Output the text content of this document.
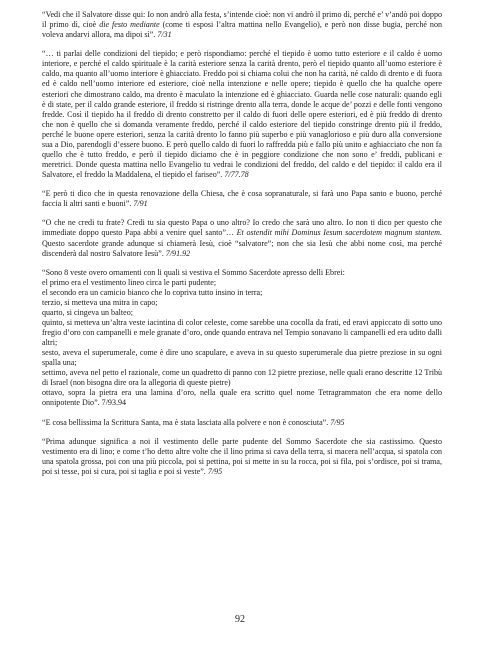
“Vedi che il Salvatore disse qui: Io non andrò alla festa, s’intende cioè: non vi andrò il primo dì, perché e’ v’andò poi doppo il primo dì, cioè die festo mediante (come ti esposi l’altra mattina nello Evangelio), e però non disse bugia, perché non voleva andarvi allora, ma dipoi sì”. 7/31

“… ti parlai delle condizioni del tiepido; e però rispondiamo: perché el tiepido è uomo tutto esteriore e il caldo è uomo interiore, e perché el caldo spirituale è la carità esteriore senza la carità drento, però el tiepido quanto all’uomo esteriore è caldo, ma quanto all’uomo interiore è ghiacciato. Freddo poi si chiama colui che non ha carità, né caldo di drento e di fuora ed è caldo nell’uomo interiore ed esteriore, cioè nella intenzione e nelle opere; tiepido è quello che ha qualche opere esteriori che dimostrano caldo, ma drento è maculato la intenzione ed è ghiacciato. Guarda nelle cose naturali: quando egli è di state, per il caldo grande esteriore, il freddo si ristringe drento alla terra, donde le acque de’ pozzi e delle fonti vengono fredde. Così il tiepido ha il freddo di drento constretto per il caldo di fuori delle opere esteriori, ed è più freddo di drento che non è quello che si domanda veramente freddo, perché il caldo esteriore del tiepido constringe drento più il freddo, perché le buone opere esteriori, senza la carità drento lo fanno più superbo e più vanaglorioso e più duro alla conversione sua a Dio, parendogli d’essere buono. E però quello caldo di fuori lo raffredda più e fallo più unito e aghiacciato che non fa quello che è tutto freddo, e però il tiepido diciamo che è in peggiore condizione che non sono e’ freddi, publicani e meretrici. Donde questa mattina nello Evangelio tu vedrai le condizioni del freddo, del caldo e del tiepido: il caldo era il Salvatore, el freddo la Maddalena, el tiepido el fariseo”. 7/77.78

“E però ti dico che in questa renovazione della Chiesa, che è cosa sopranaturale, si farà uno Papa santo e buono, perché faccia li altri santi e buoni”. 7/91

“O che ne credi tu frate? Credi tu sia questo Papa o uno altro? Io credo che sarà uno altro. Io non ti dico per questo che immediate doppo questo Papa abbi a venire quel santo”… Et ostendit mihi Dominus Iesum sacerdotem magnum stantem. Questo sacerdote grande adunque si chiamerà Iesù, cioè “salvatore”; non che sia Iesù che abbi nome così, ma perché discenderà dal nostro Salvatore Iesù”. 7/91.92

“Sono 8 veste overo ornamenti con li quali si vestiva el Sommo Sacerdote apresso delli Ebrei:
el primo era el vestimento lineo circa le parti pudente;
el secondo era un camicio bianco che lo copriva tutto insino in terra;
terzio, si metteva una mitra in capo;
quarto, si cingeva un balteo;
quinto, si metteva un’altra veste iacintina di color celeste, come sarebbe una cocolla da frati, ed eravi appiccato di sotto uno fregio d’oro con campanelli e mele granate d’oro, onde quando entrava nel Tempio sonavano li campanelli ed era udito dalli altri;
sesto, aveva el superumerale, come è dire uno scapulare, e aveva in su questo superumerale dua pietre preziose in su ogni spalla una;
settimo, aveva nel petto el razionale, come un quadretto di panno con 12 pietre preziose, nelle quali erano descritte 12 Tribù di Israel (non bisogna dire ora la allegoria di queste pietre)
ottavo, sopra la pietra era una lamina d’oro, nella quale era scritto quel nome Tetragrammaton che era nome dello onnipotente Dio”. 7/93.94

“E cosa bellissima la Scrittura Santa, ma è stata lasciata alla polvere e non è conosciuta”. 7/95

“Prima adunque significa a noi il vestimento delle parte pudente del Sommo Sacerdote che sia castissimo. Questo vestimento era di lino; e come t’ho detto altre volte che il lino prima si cava della terra, si macera nell’acqua, si spatola con una spatola grossa, poi con una più piccola, poi si pettina, poi si mette in su la rocca, poi si fila, poi s’ordisce, poi si trama, poi si tesse, poi si cura, poi si taglia e poi si veste”. 7/95

92
